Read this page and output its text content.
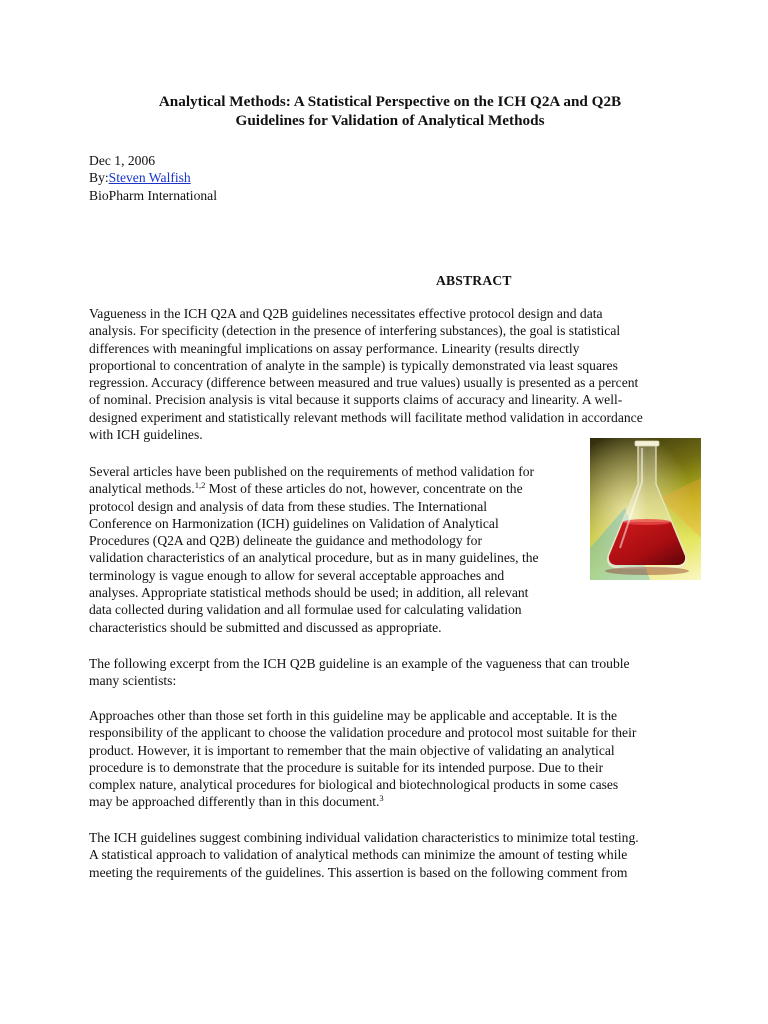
Analytical Methods: A Statistical Perspective on the ICH Q2A and Q2B
Guidelines for Validation of Analytical Methods
Dec 1, 2006
By:Steven Walfish
BioPharm International
ABSTRACT
Vagueness in the ICH Q2A and Q2B guidelines necessitates effective protocol design and data
analysis. For specificity (detection in the presence of interfering substances), the goal is statistical
differences with meaningful implications on assay performance. Linearity (results directly
proportional to concentration of analyte in the sample) is typically demonstrated via least squares
regression. Accuracy (difference between measured and true values) usually is presented as a percent
of nominal. Precision analysis is vital because it supports claims of accuracy and linearity. A well-
designed experiment and statistically relevant methods will facilitate method validation in accordance
with ICH guidelines.
Several articles have been published on the requirements of method validation for
analytical methods.$^{1,2}$ Most of these articles do not, however, concentrate on the
protocol design and analysis of data from these studies. The International
Conference on Harmonization (ICH) guidelines on Validation of Analytical
Procedures (Q2A and Q2B) delineate the guidance and methodology for
validation characteristics of an analytical procedure, but as in many guidelines, the
terminology is vague enough to allow for several acceptable approaches and
analyses. Appropriate statistical methods should be used; in addition, all relevant
data collected during validation and all formulae used for calculating validation
characteristics should be submitted and discussed as appropriate.
The following excerpt from the ICH Q2B guideline is an example of the vagueness that can trouble
many scientists:
Approaches other than those set forth in this guideline may be applicable and acceptable. It is the
responsibility of the applicant to choose the validation procedure and protocol most suitable for their
product. However, it is important to remember that the main objective of validating an analytical
procedure is to demonstrate that the procedure is suitable for its intended purpose. Due to their
complex nature, analytical procedures for biological and biotechnological products in some cases
may be approached differently than in this document.$^3$
The ICH guidelines suggest combining individual validation characteristics to minimize total testing.
A statistical approach to validation of analytical methods can minimize the amount of testing while
meeting the requirements of the guidelines. This assertion is based on the following comment from
